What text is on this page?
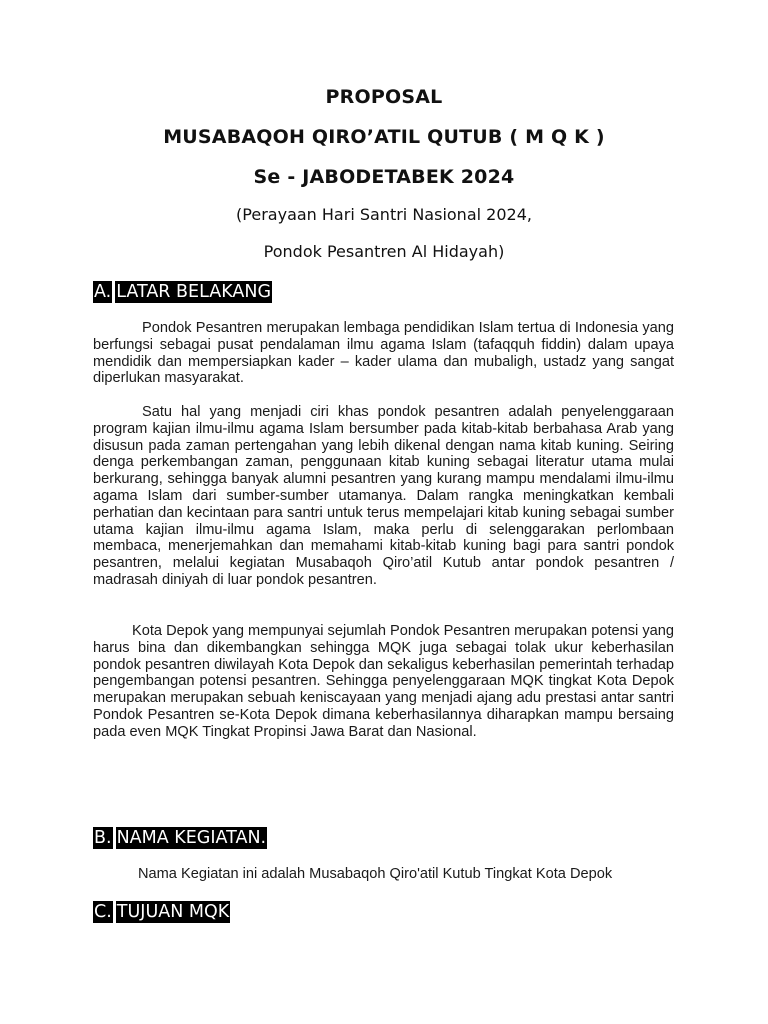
PROPOSAL
MUSABAQOH QIRO’ATIL QUTUB ( M Q K )
Se - JABODETABEK 2024

(Perayaan Hari Santri Nasional 2024,

Pondok Pesantren Al Hidayah)

A. LATAR BELAKANG

Pondok Pesantren merupakan lembaga pendidikan Islam tertua di Indonesia yang berfungsi sebagai pusat pendalaman ilmu agama Islam (tafaqquh fiddin) dalam upaya mendidik dan mempersiapkan kader – kader ulama dan mubaligh, ustadz yang sangat diperlukan masyarakat.

Satu hal yang menjadi ciri khas pondok pesantren adalah penyelenggaraan program kajian ilmu-ilmu agama Islam bersumber pada kitab-kitab berbahasa Arab yang disusun pada zaman pertengahan yang lebih dikenal dengan nama kitab kuning. Seiring denga perkembangan zaman, penggunaan kitab kuning sebagai literatur utama mulai berkurang, sehingga banyak alumni pesantren yang kurang mampu mendalami ilmu-ilmu agama Islam dari sumber-sumber utamanya. Dalam rangka meningkatkan kembali perhatian dan kecintaan para santri untuk terus mempelajari kitab kuning sebagai sumber utama kajian ilmu-ilmu agama Islam, maka perlu di selenggarakan perlombaan membaca, menerjemahkan dan memahami kitab-kitab kuning bagi para santri pondok pesantren, melalui kegiatan Musabaqoh Qiro’atil Kutub antar pondok pesantren / madrasah diniyah di luar pondok pesantren.

Kota Depok yang mempunyai sejumlah Pondok Pesantren merupakan potensi yang harus bina dan dikembangkan sehingga MQK juga sebagai tolak ukur keberhasilan pondok pesantren diwilayah Kota Depok dan sekaligus keberhasilan pemerintah terhadap pengembangan potensi pesantren. Sehingga penyelenggaraan MQK tingkat Kota Depok merupakan merupakan sebuah keniscayaan yang menjadi ajang adu prestasi antar santri Pondok Pesantren se-Kota Depok dimana keberhasilannya diharapkan mampu bersaing pada even MQK Tingkat Propinsi Jawa Barat dan Nasional.

B. NAMA KEGIATAN.

Nama Kegiatan ini adalah Musabaqoh Qiro'atil Kutub Tingkat Kota Depok

C. TUJUAN MQK
